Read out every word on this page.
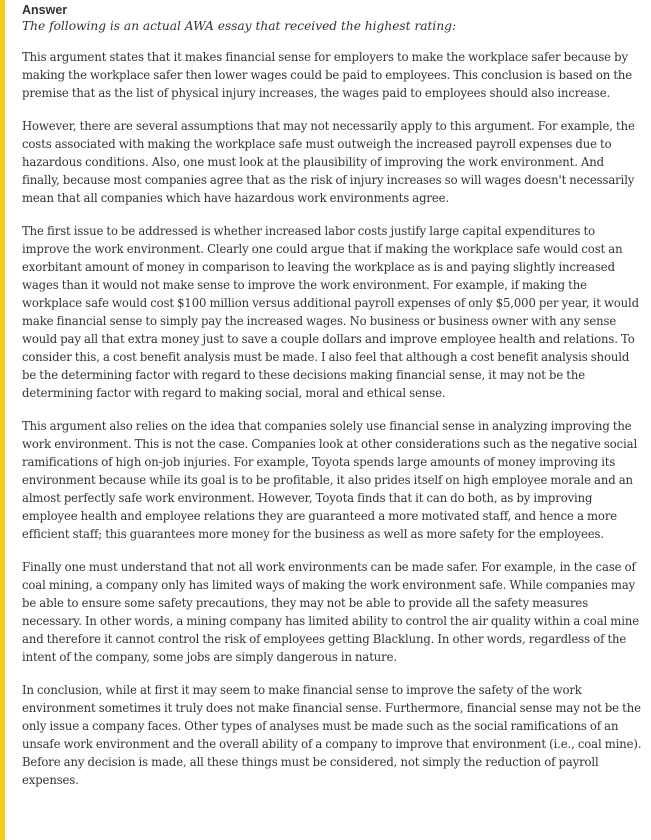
Answer
The following is an actual AWA essay that received the highest rating:

This argument states that it makes financial sense for employers to make the workplace safer because by making the workplace safer then lower wages could be paid to employees. This conclusion is based on the premise that as the list of physical injury increases, the wages paid to employees should also increase.

However, there are several assumptions that may not necessarily apply to this argument. For example, the costs associated with making the workplace safe must outweigh the increased payroll expenses due to hazardous conditions. Also, one must look at the plausibility of improving the work environment. And finally, because most companies agree that as the risk of injury increases so will wages doesn't necessarily mean that all companies which have hazardous work environments agree.

The first issue to be addressed is whether increased labor costs justify large capital expenditures to improve the work environment. Clearly one could argue that if making the workplace safe would cost an exorbitant amount of money in comparison to leaving the workplace as is and paying slightly increased wages than it would not make sense to improve the work environment. For example, if making the workplace safe would cost $100 million versus additional payroll expenses of only $5,000 per year, it would make financial sense to simply pay the increased wages. No business or business owner with any sense would pay all that extra money just to save a couple dollars and improve employee health and relations. To consider this, a cost benefit analysis must be made. I also feel that although a cost benefit analysis should be the determining factor with regard to these decisions making financial sense, it may not be the determining factor with regard to making social, moral and ethical sense.

This argument also relies on the idea that companies solely use financial sense in analyzing improving the work environment. This is not the case. Companies look at other considerations such as the negative social ramifications of high on-job injuries. For example, Toyota spends large amounts of money improving its environment because while its goal is to be profitable, it also prides itself on high employee morale and an almost perfectly safe work environment. However, Toyota finds that it can do both, as by improving employee health and employee relations they are guaranteed a more motivated staff, and hence a more efficient staff; this guarantees more money for the business as well as more safety for the employees.

Finally one must understand that not all work environments can be made safer. For example, in the case of coal mining, a company only has limited ways of making the work environment safe. While companies may be able to ensure some safety precautions, they may not be able to provide all the safety measures necessary. In other words, a mining company has limited ability to control the air quality within a coal mine and therefore it cannot control the risk of employees getting Blacklung. In other words, regardless of the intent of the company, some jobs are simply dangerous in nature.

In conclusion, while at first it may seem to make financial sense to improve the safety of the work environment sometimes it truly does not make financial sense. Furthermore, financial sense may not be the only issue a company faces. Other types of analyses must be made such as the social ramifications of an unsafe work environment and the overall ability of a company to improve that environment (i.e., coal mine). Before any decision is made, all these things must be considered, not simply the reduction of payroll expenses.
